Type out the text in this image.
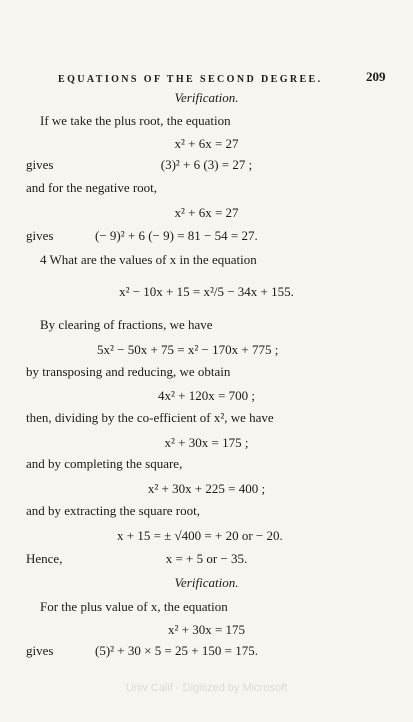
EQUATIONS OF THE SECOND DEGREE.	209
Verification.
If we take the plus root, the equation
x² + 6x = 27
gives	(3)² + 6 (3) = 27 ;
and for the negative root,
x² + 6x = 27
gives	(− 9)² + 6 (− 9) = 81 − 54 = 27.
4 What are the values of x in the equation
x² − 10x + 15 = x²/5 − 34x + 155.
By clearing of fractions, we have
5x² − 50x + 75 = x² − 170x + 775 ;
by transposing and reducing, we obtain
4x² + 120x = 700 ;
then, dividing by the co-efficient of x², we have
x² + 30x = 175 ;
and by completing the square,
x² + 30x + 225 = 400 ;
and by extracting the square root,
x + 15 = ± √400 = + 20 or − 20.
Hence,	x = + 5 or − 35.
Verification.
For the plus value of x, the equation
x² + 30x = 175
gives	(5)² + 30 × 5 = 25 + 150 = 175.
Univ Calif - Digitized by Microsoft
